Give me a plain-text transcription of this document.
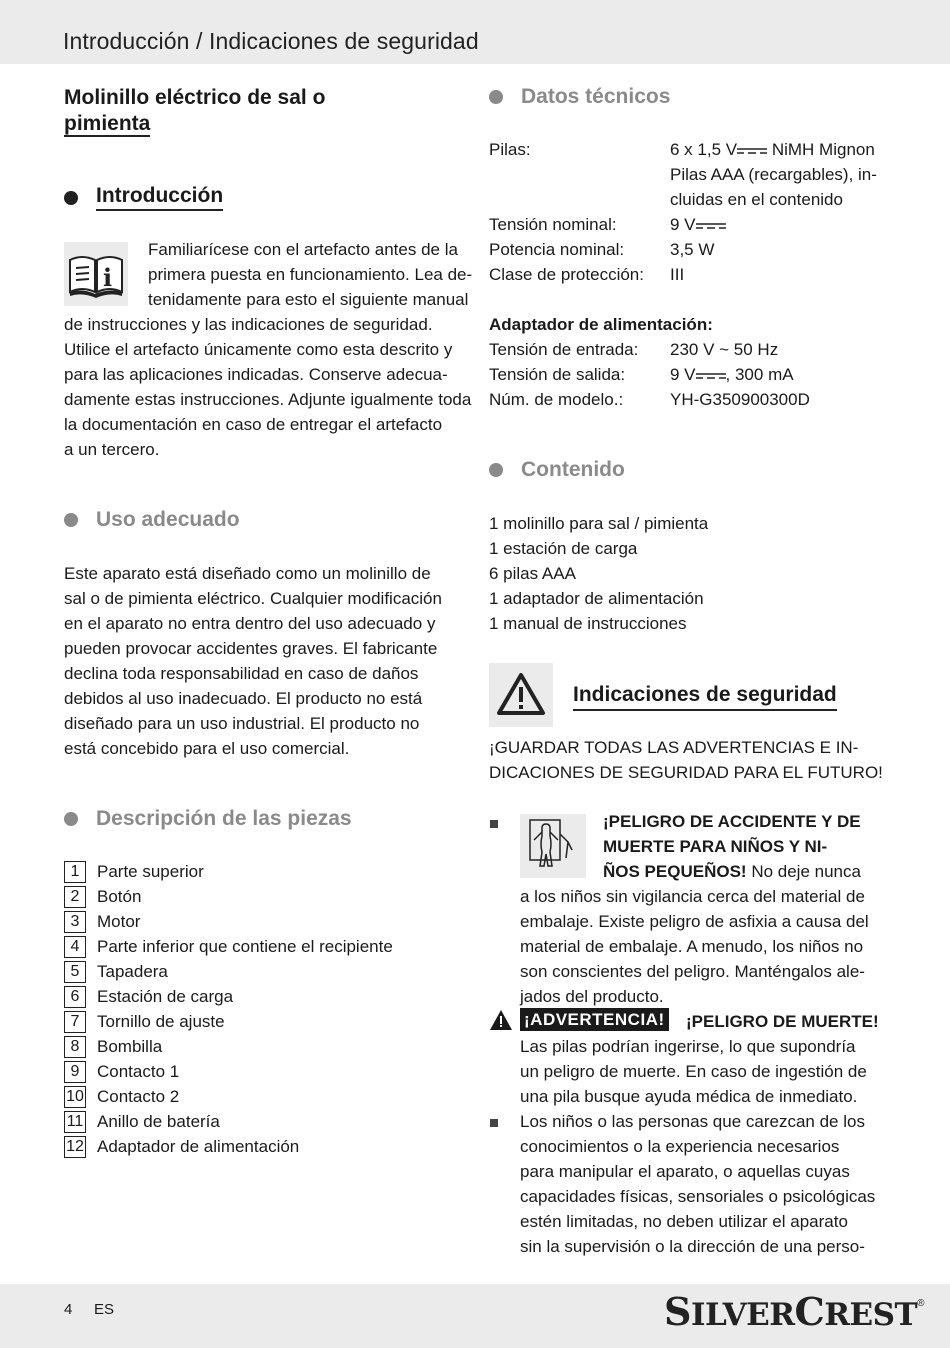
Introducción / Indicaciones de seguridad
Molinillo eléctrico de sal o
pimienta
Introducción
i
Familiarícese con el artefacto antes de la
primera puesta en funcionamiento. Lea de-
tenidamente para esto el siguiente manual
de instrucciones y las indicaciones de seguridad.
Utilice el artefacto únicamente como esta descrito y
para las aplicaciones indicadas. Conserve adecua-
damente estas instrucciones. Adjunte igualmente toda
la documentación en caso de entregar el artefacto
a un tercero.
Uso adecuado
Este aparato está diseñado como un molinillo de
sal o de pimienta eléctrico. Cualquier modificación
en el aparato no entra dentro del uso adecuado y
pueden provocar accidentes graves. El fabricante
declina toda responsabilidad en caso de daños
debidos al uso inadecuado. El producto no está
diseñado para un uso industrial. El producto no
está concebido para el uso comercial.
Descripción de las piezas
1	Parte superior
2	Botón
3	Motor
4	Parte inferior que contiene el recipiente
5	Tapadera
6	Estación de carga
7	Tornillo de ajuste
8	Bombilla
9	Contacto 1
10 Contacto 2
11 Anillo de batería
12 Adaptador de alimentación
Datos técnicos
Pilas:	6 x 1,5 V NiMH Mignon
Pilas AAA (recargables), in-
cluidas en el contenido
Tensión nominal:	9 V
Potencia nominal:	3,5 W
Clase de protección: III
Adaptador de alimentación:
Tensión de entrada: 230 V ~ 50 Hz
Tensión de salida:	9 V , 300 mA
Núm. de modelo.:	YH-G350900300D
Contenido
1 molinillo para sal / pimienta
1 estación de carga
6 pilas AAA
1 adaptador de alimentación
1 manual de instrucciones
Indicaciones de seguridad
¡GUARDAR TODAS LAS ADVERTENCIAS E IN-
DICACIONES DE SEGURIDAD PARA EL FUTURO!
¡PELIGRO DE ACCIDENTE Y DE
MUERTE PARA NIÑOS Y NI-
ÑOS PEQUEÑOS! No deje nunca
a los niños sin vigilancia cerca del material de
embalaje. Existe peligro de asfixia a causa del
material de embalaje. A menudo, los niños no
son conscientes del peligro. Manténgalos ale-
jados del producto.
¡ADVERTENCIA! ¡PELIGRO DE MUERTE!
Las pilas podrían ingerirse, lo que supondría
un peligro de muerte. En caso de ingestión de
una pila busque ayuda médica de inmediato.
Los niños o las personas que carezcan de los
conocimientos o la experiencia necesarios
para manipular el aparato, o aquellas cuyas
capacidades físicas, sensoriales o psicológicas
estén limitadas, no deben utilizar el aparato
sin la supervisión o la dirección de una perso-
4 ES	SILVERCREST®
